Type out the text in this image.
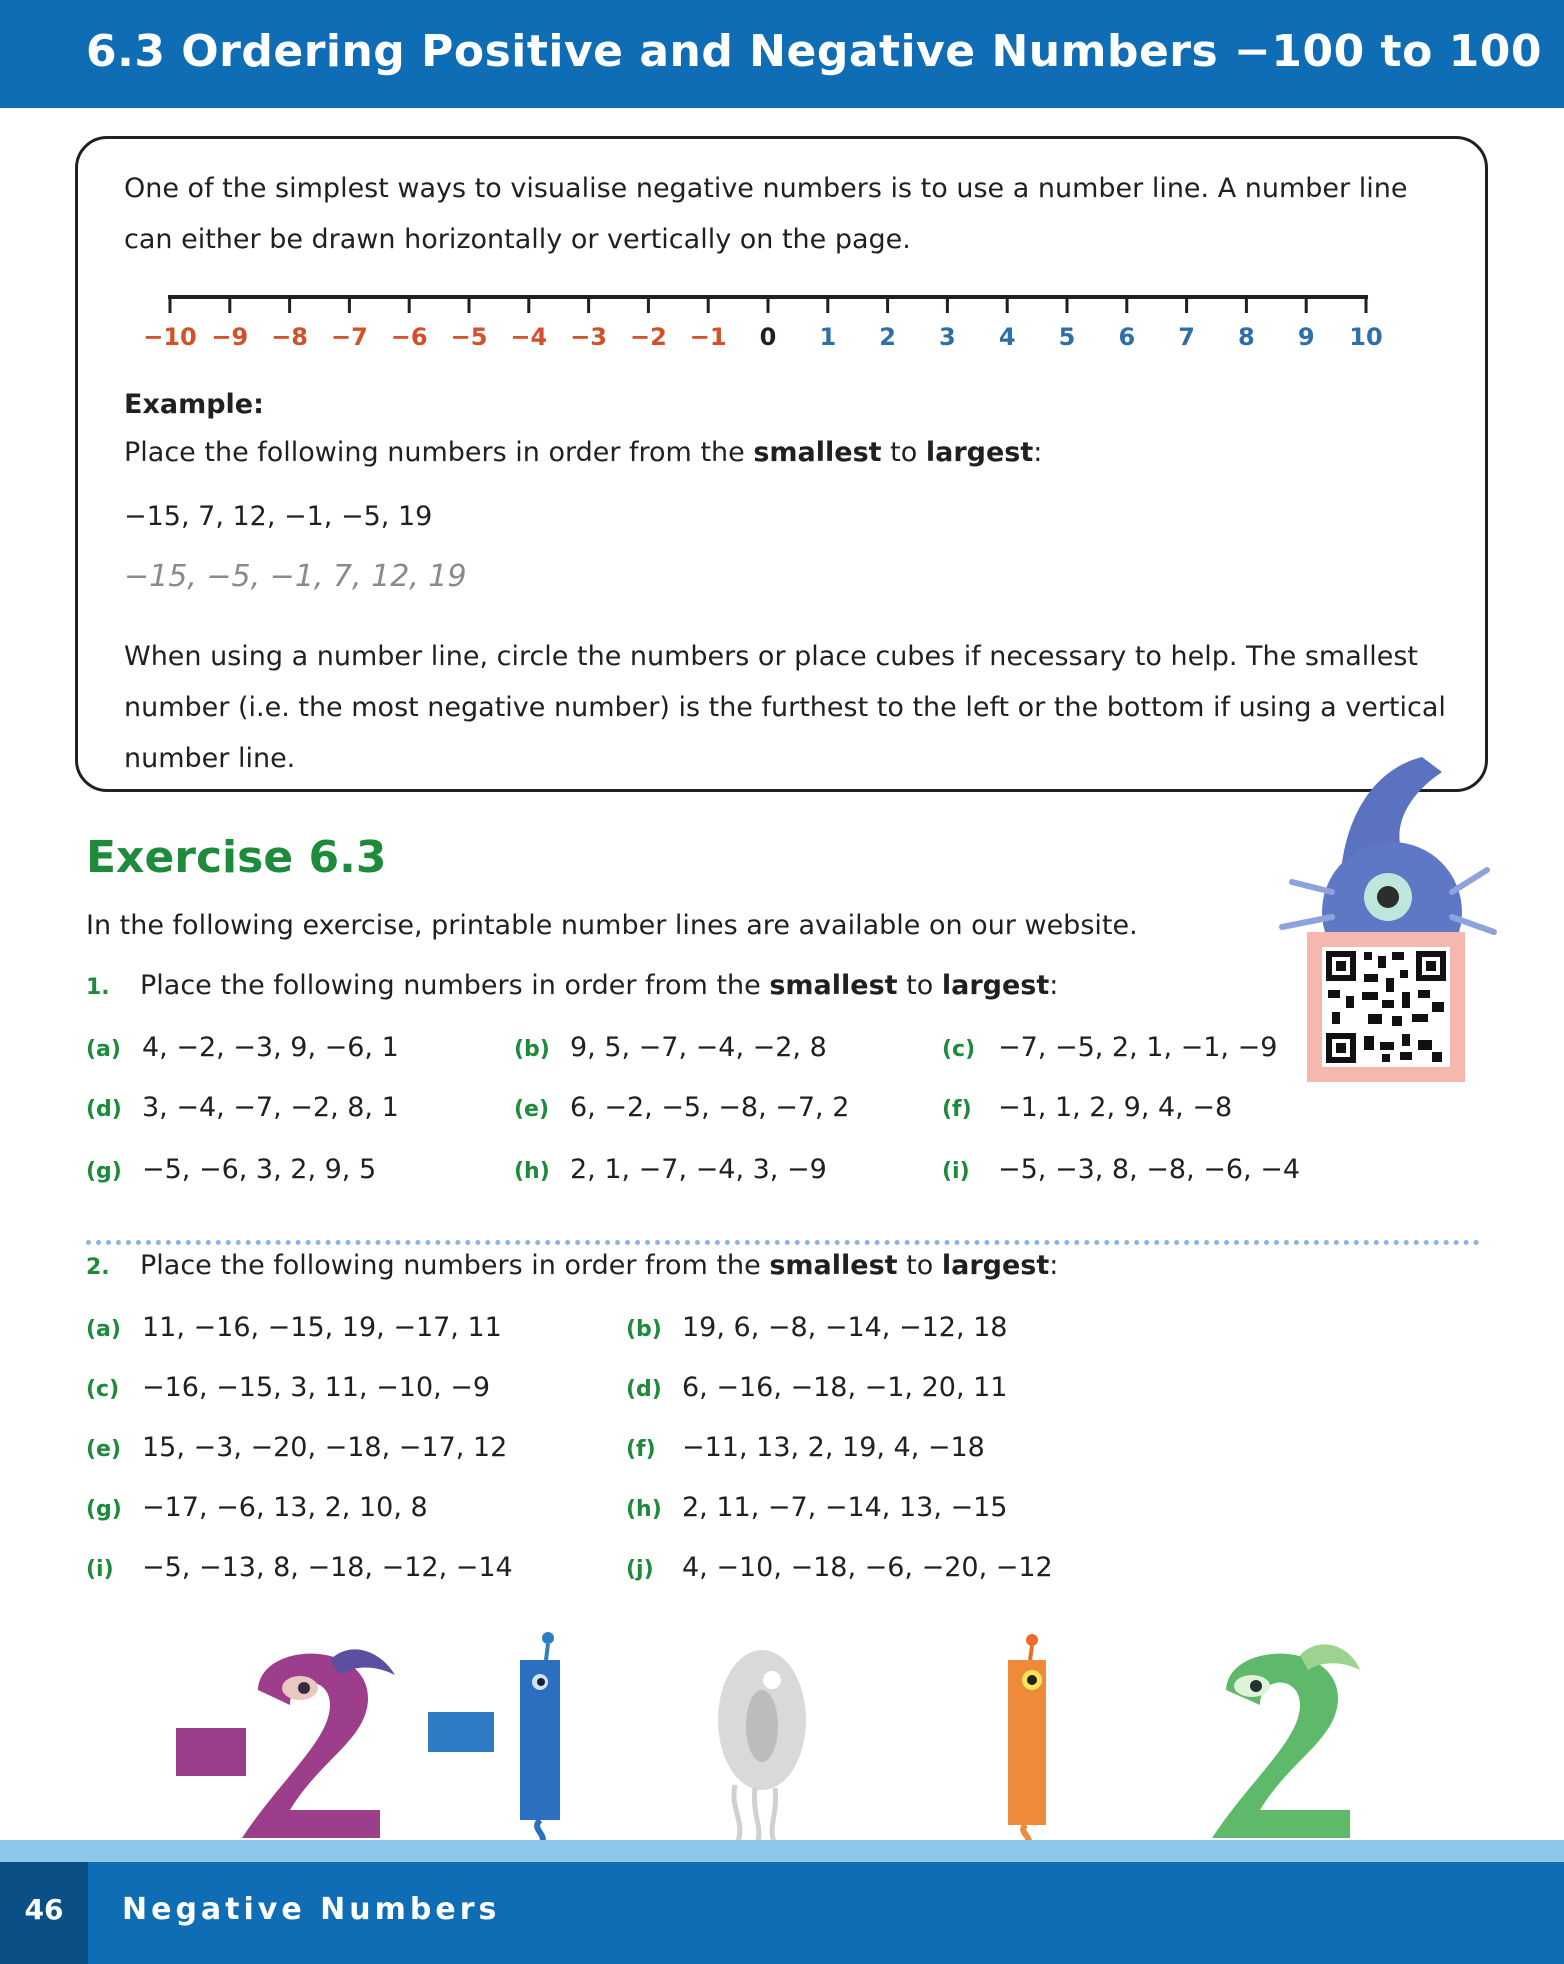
6.3 Ordering Positive and Negative Numbers −100 to 100

One of the simplest ways to visualise negative numbers is to use a number line. A number line can either be drawn horizontally or vertically on the page.

−10 −9 −8 −7 −6 −5 −4 −3 −2 −1 0 1 2 3 4 5 6 7 8 9 10
Example:
Place the following numbers in order from the smallest to largest:
−15, 7, 12, −1, −5, 19
−15, −5, −1, 7, 12, 19

When using a number line, circle the numbers or place cubes if necessary to help. The smallest number (i.e. the most negative number) is the furthest to the left or the bottom if using a vertical number line.

Exercise 6.3
In the following exercise, printable number lines are available on our website.
1. Place the following numbers in order from the smallest to largest:
(a) 4, −2, −3, 9, −6, 1	(b) 9, 5, −7, −4, −2, 8	(c) −7, −5, 2, 1, −1, −9
(d) 3, −4, −7, −2, 8, 1	(e) 6, −2, −5, −8, −7, 2	(f) −1, 1, 2, 9, 4, −8
(g) −5, −6, 3, 2, 9, 5	(h) 2, 1, −7, −4, 3, −9	(i) −5, −3, 8, −8, −6, −4
2. Place the following numbers in order from the smallest to largest:
(a) 11, −16, −15, 19, −17, 11	(b) 19, 6, −8, −14, −12, 18
(c) −16, −15, 3, 11, −10, −9	(d) 6, −16, −18, −1, 20, 11
(e) 15, −3, −20, −18, −17, 12	(f) −11, 13, 2, 19, 4, −18
(g) −17, −6, 13, 2, 10, 8	(h) 2, 11, −7, −14, 13, −15
(i) −5, −13, 8, −18, −12, −14	(j) 4, −10, −18, −6, −20, −12
46	Negative Numbers
